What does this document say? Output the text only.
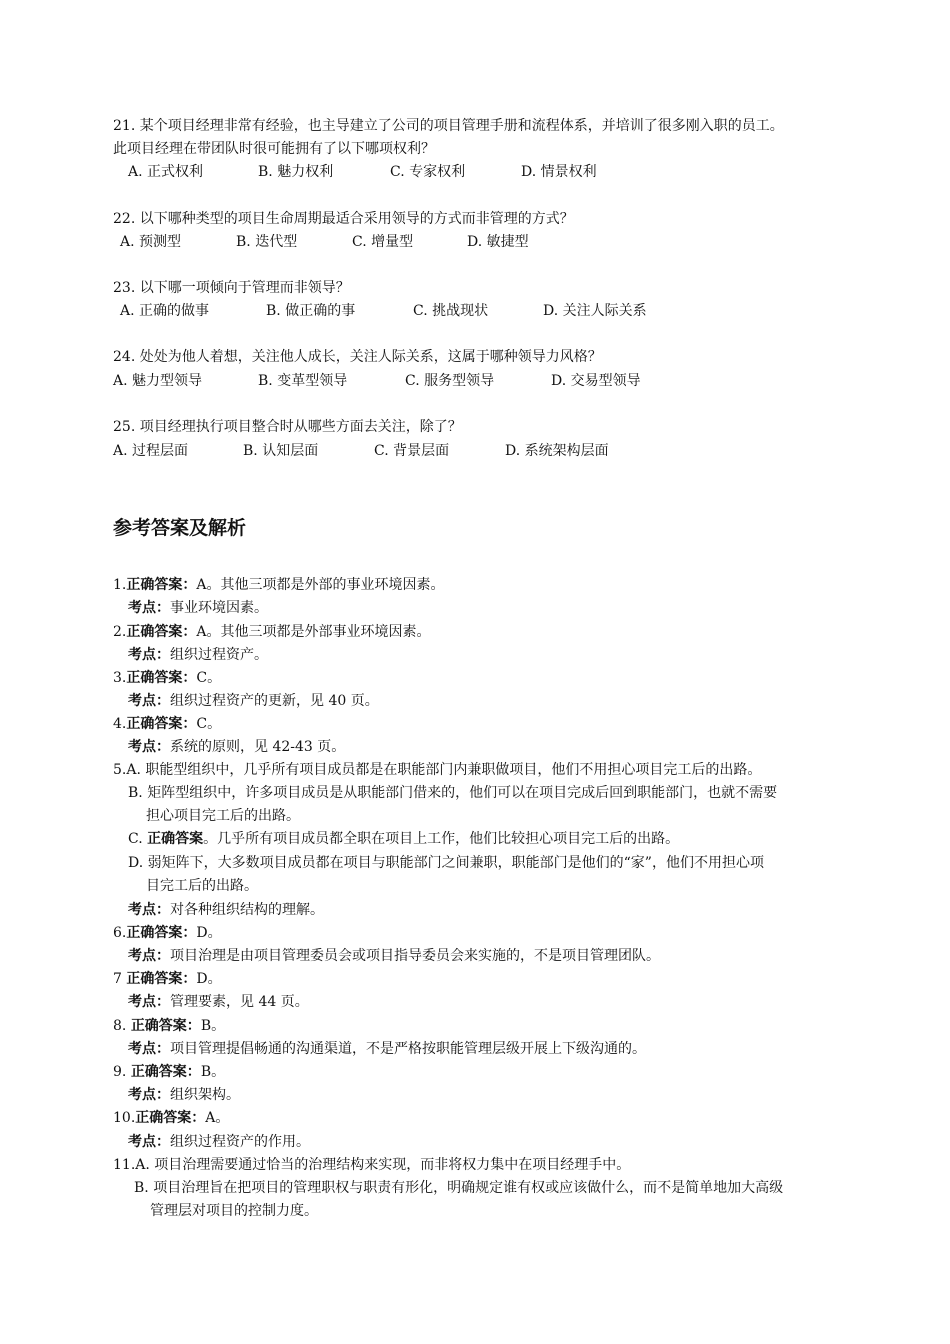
21. 某个项目经理非常有经验，也主导建立了公司的项目管理手册和流程体系，并培训了很多刚入职的员工。
此项目经理在带团队时很可能拥有了以下哪项权利？
A. 正式权利	B. 魅力权利	C. 专家权利	D. 情景权利
22. 以下哪种类型的项目生命周期最适合采用领导的方式而非管理的方式？
A. 预测型	B. 迭代型	C. 增量型	D. 敏捷型
23. 以下哪一项倾向于管理而非领导？
A. 正确的做事	B. 做正确的事	C. 挑战现状	D. 关注人际关系
24. 处处为他人着想，关注他人成长，关注人际关系，这属于哪种领导力风格？
A. 魅力型领导	B. 变革型领导	C. 服务型领导	D. 交易型领导
25. 项目经理执行项目整合时从哪些方面去关注，除了？
A. 过程层面	B. 认知层面	C. 背景层面	D. 系统架构层面
参考答案及解析
1.正确答案：A。其他三项都是外部的事业环境因素。
考点：事业环境因素。
2.正确答案：A。其他三项都是外部事业环境因素。
考点：组织过程资产。
3.正确答案：C。
考点：组织过程资产的更新，见 40 页。
4.正确答案：C。
考点：系统的原则，见 42-43 页。
5.A. 职能型组织中，几乎所有项目成员都是在职能部门内兼职做项目，他们不用担心项目完工后的出路。
B. 矩阵型组织中，许多项目成员是从职能部门借来的，他们可以在项目完成后回到职能部门，也就不需要
担心项目完工后的出路。
C. 正确答案。几乎所有项目成员都全职在项目上工作，他们比较担心项目完工后的出路。
D. 弱矩阵下，大多数项目成员都在项目与职能部门之间兼职，职能部门是他们的“家”，他们不用担心项
目完工后的出路。
考点：对各种组织结构的理解。
6.正确答案：D。
考点：项目治理是由项目管理委员会或项目指导委员会来实施的，不是项目管理团队。
7 正确答案：D。
考点：管理要素，见 44 页。
8. 正确答案：B。
考点：项目管理提倡畅通的沟通渠道，不是严格按职能管理层级开展上下级沟通的。
9. 正确答案：B。
考点：组织架构。
10.正确答案：A。
考点：组织过程资产的作用。
11.A. 项目治理需要通过恰当的治理结构来实现，而非将权力集中在项目经理手中。
B. 项目治理旨在把项目的管理职权与职责有形化，明确规定谁有权或应该做什么，而不是简单地加大高级
管理层对项目的控制力度。
